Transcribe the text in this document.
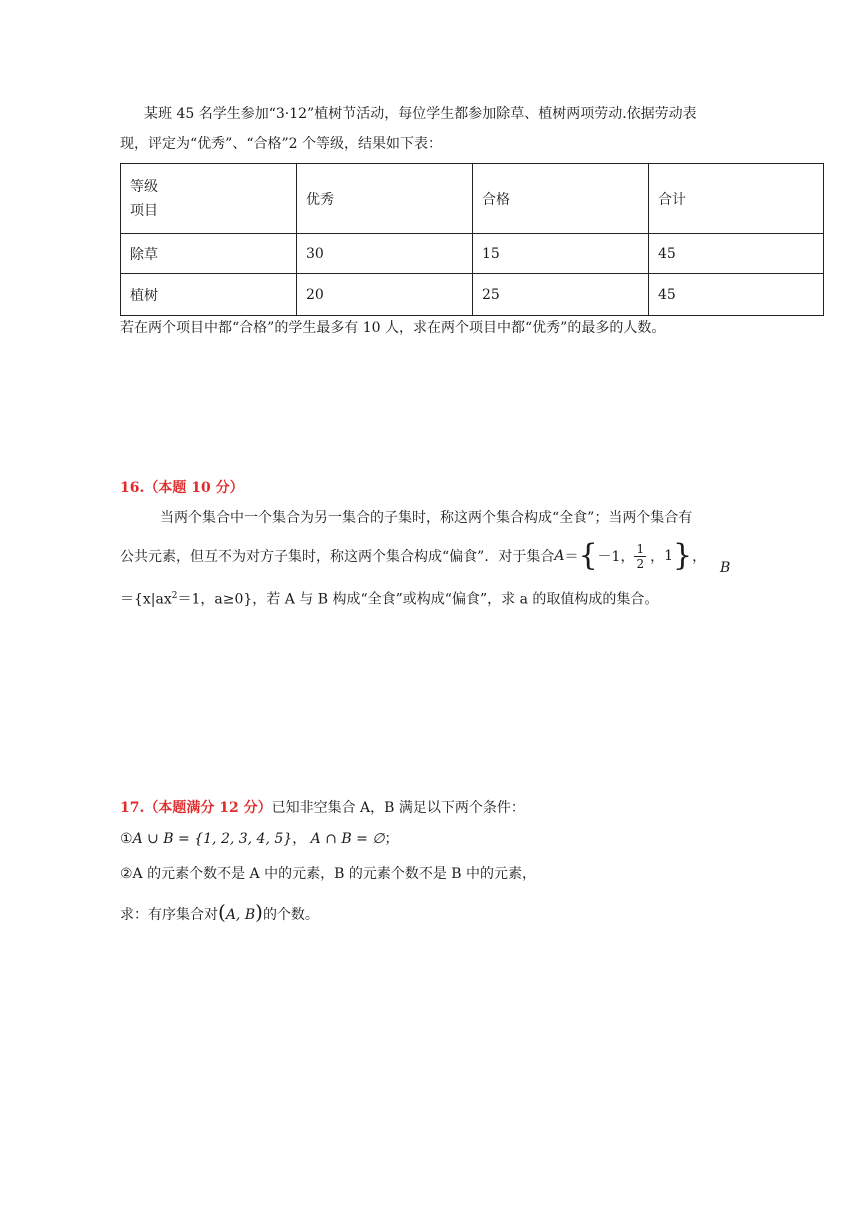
某班 45 名学生参加“3·12”植树节活动，每位学生都参加除草、植树两项劳动.依据劳动表
现，评定为“优秀”、“合格”2 个等级，结果如下表：
等级
项目	优秀	合格	合计
除草	30	15	45
植树	20	25	45
若在两个项目中都“合格”的学生最多有 10 人，求在两个项目中都“优秀”的最多的人数。
16.（本题 10 分）
当两个集合中一个集合为另一集合的子集时，称这两个集合构成“全食”；当两个集合有
公共元素，但互不为对方子集时，称这两个集合构成“偏食”．对于集合 A ＝ { －1， $\frac{1}{2}$ ， 1 } ，
B
$=\{x|ax^2=1$，a≥0}，若 A 与 B 构成“全食”或构成“偏食”，求 a 的取值构成的集合。
17.（本题满分 12 分）已知非空集合 A，B 满足以下两个条件：
①A ∪ B = {1, 2, 3, 4, 5}， A ∩ B = ∅；
②A 的元素个数不是 A 中的元素，B 的元素个数不是 B 中的元素，
求：有序集合对(A, B)的个数。
